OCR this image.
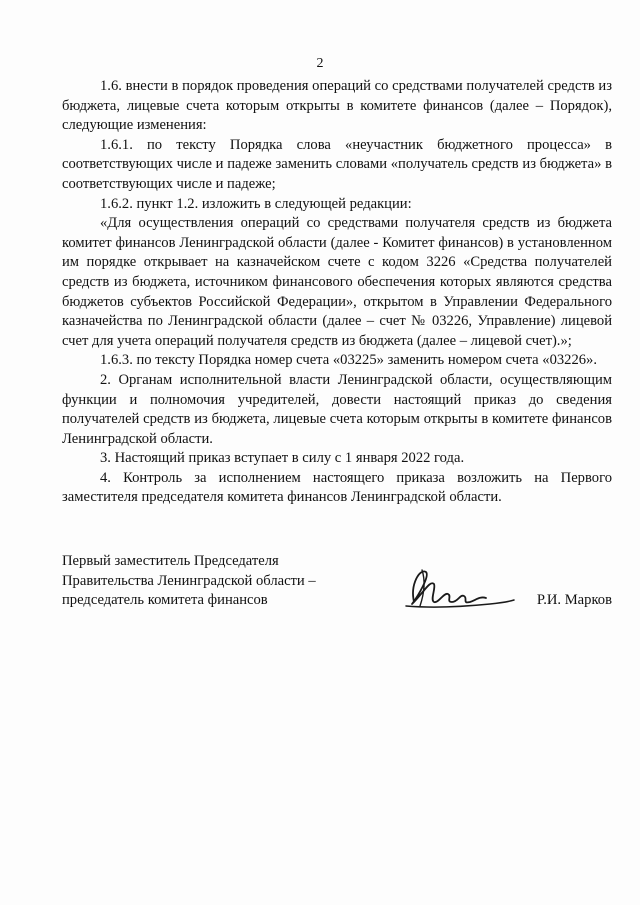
2

1.6. внести в порядок проведения операций со средствами получателей средств из бюджета, лицевые счета которым открыты в комитете финансов (далее – Порядок), следующие изменения:

1.6.1. по тексту Порядка слова «неучастник бюджетного процесса» в соответствующих числе и падеже заменить словами «получатель средств из бюджета» в соответствующих числе и падеже;

1.6.2. пункт 1.2. изложить в следующей редакции:

«Для осуществления операций со средствами получателя средств из бюджета комитет финансов Ленинградской области (далее - Комитет финансов) в установленном им порядке открывает на казначейском счете с кодом 3226 «Средства получателей средств из бюджета, источником финансового обеспечения которых являются средства бюджетов субъектов Российской Федерации», открытом в Управлении Федерального казначейства по Ленинградской области (далее – счет № 03226, Управление) лицевой счет для учета операций получателя средств из бюджета (далее – лицевой счет).»;

1.6.3. по тексту Порядка номер счета «03225» заменить номером счета «03226».

2. Органам исполнительной власти Ленинградской области, осуществляющим функции и полномочия учредителей, довести настоящий приказ до сведения получателей средств из бюджета, лицевые счета которым открыты в комитете финансов Ленинградской области.

3. Настоящий приказ вступает в силу с 1 января 2022 года.

4. Контроль за исполнением настоящего приказа возложить на Первого заместителя председателя комитета финансов Ленинградской области.

Первый заместитель Председателя
Правительства Ленинградской области –
председатель комитета финансов	Р.И. Марков
